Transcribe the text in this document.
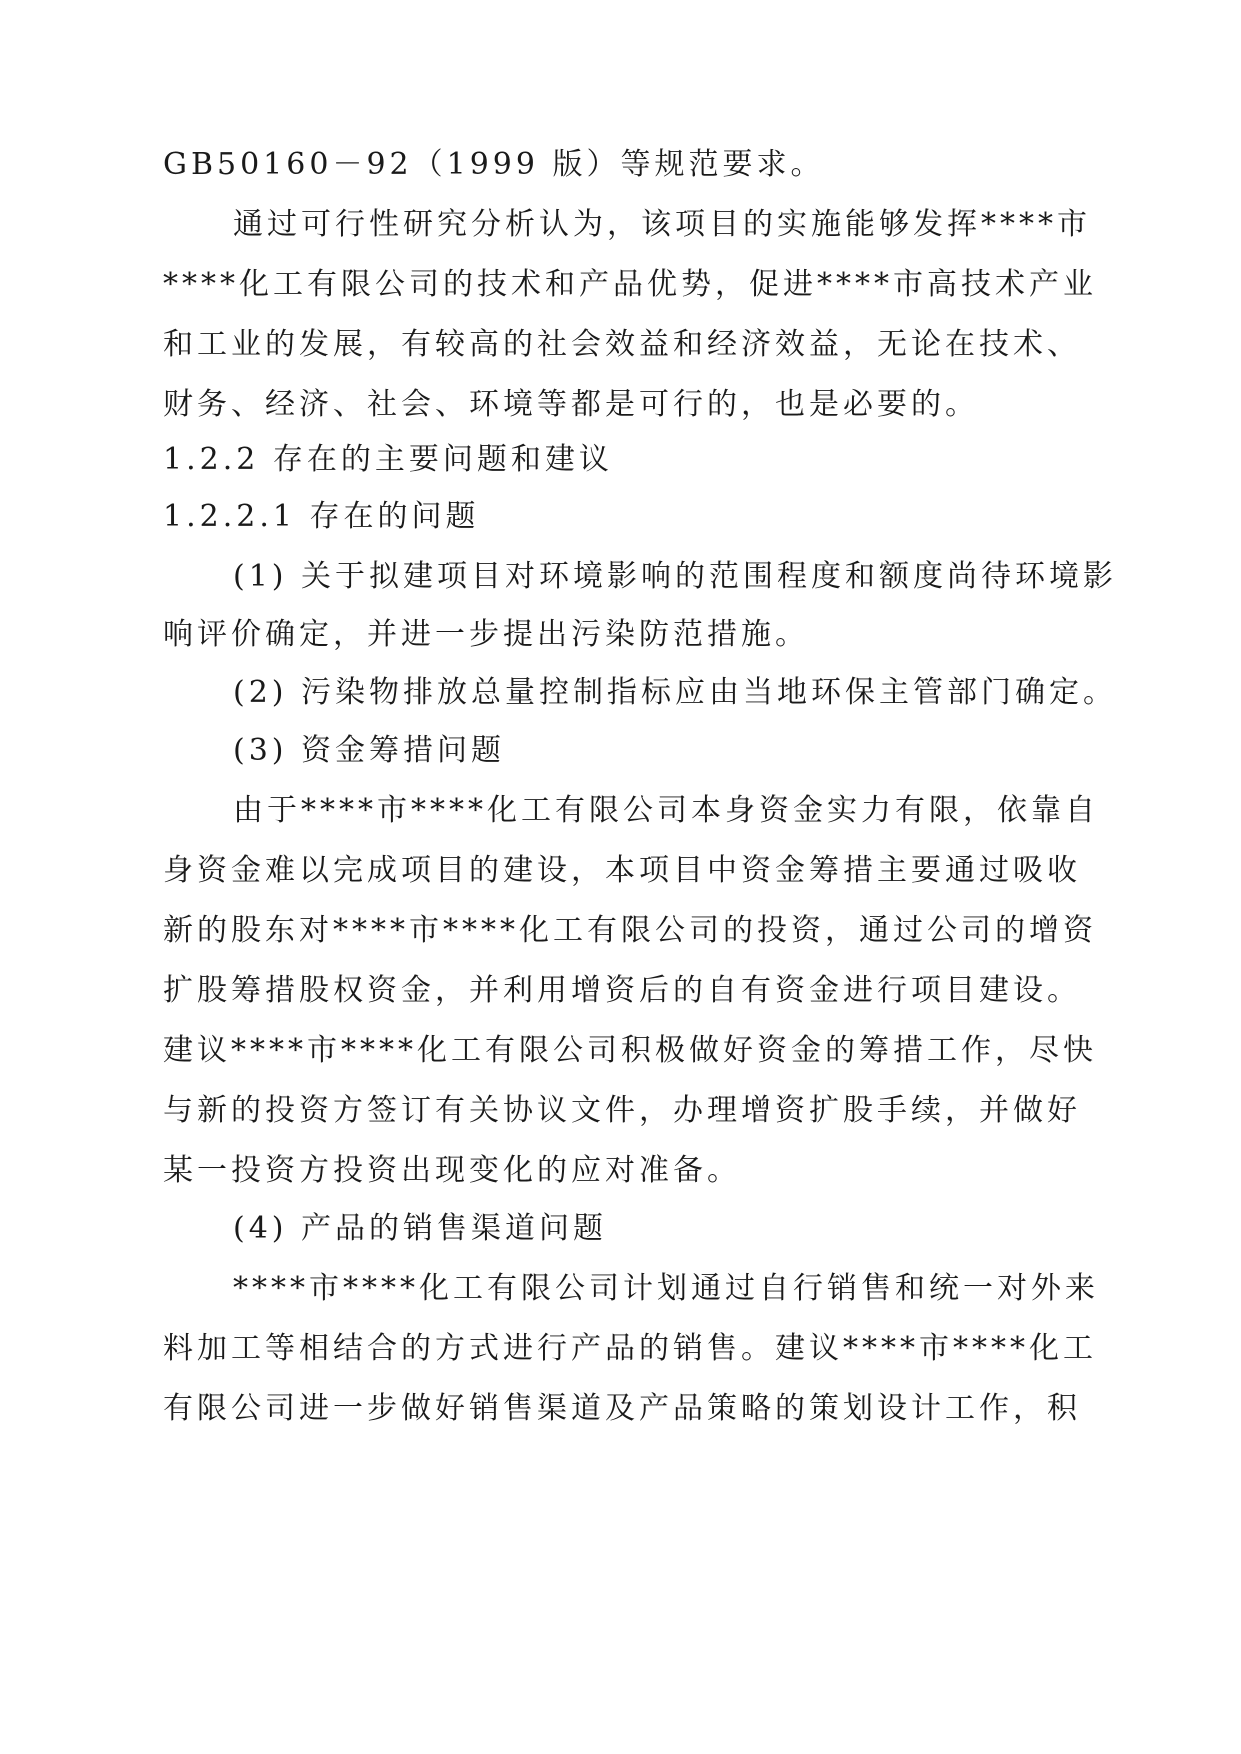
GB50160－92（1999 版）等规范要求。
通过可行性研究分析认为，该项目的实施能够发挥****市
****化工有限公司的技术和产品优势，促进****市高技术产业
和工业的发展，有较高的社会效益和经济效益，无论在技术、
财务、经济、社会、环境等都是可行的，也是必要的。
1.2.2 存在的主要问题和建议
1.2.2.1 存在的问题
(1) 关于拟建项目对环境影响的范围程度和额度尚待环境影
响评价确定，并进一步提出污染防范措施。
(2) 污染物排放总量控制指标应由当地环保主管部门确定。
(3) 资金筹措问题
由于****市****化工有限公司本身资金实力有限，依靠自
身资金难以完成项目的建设，本项目中资金筹措主要通过吸收
新的股东对****市****化工有限公司的投资，通过公司的增资
扩股筹措股权资金，并利用增资后的自有资金进行项目建设。
建议****市****化工有限公司积极做好资金的筹措工作，尽快
与新的投资方签订有关协议文件，办理增资扩股手续，并做好
某一投资方投资出现变化的应对准备。
(4) 产品的销售渠道问题
****市****化工有限公司计划通过自行销售和统一对外来
料加工等相结合的方式进行产品的销售。建议****市****化工
有限公司进一步做好销售渠道及产品策略的策划设计工作，积
